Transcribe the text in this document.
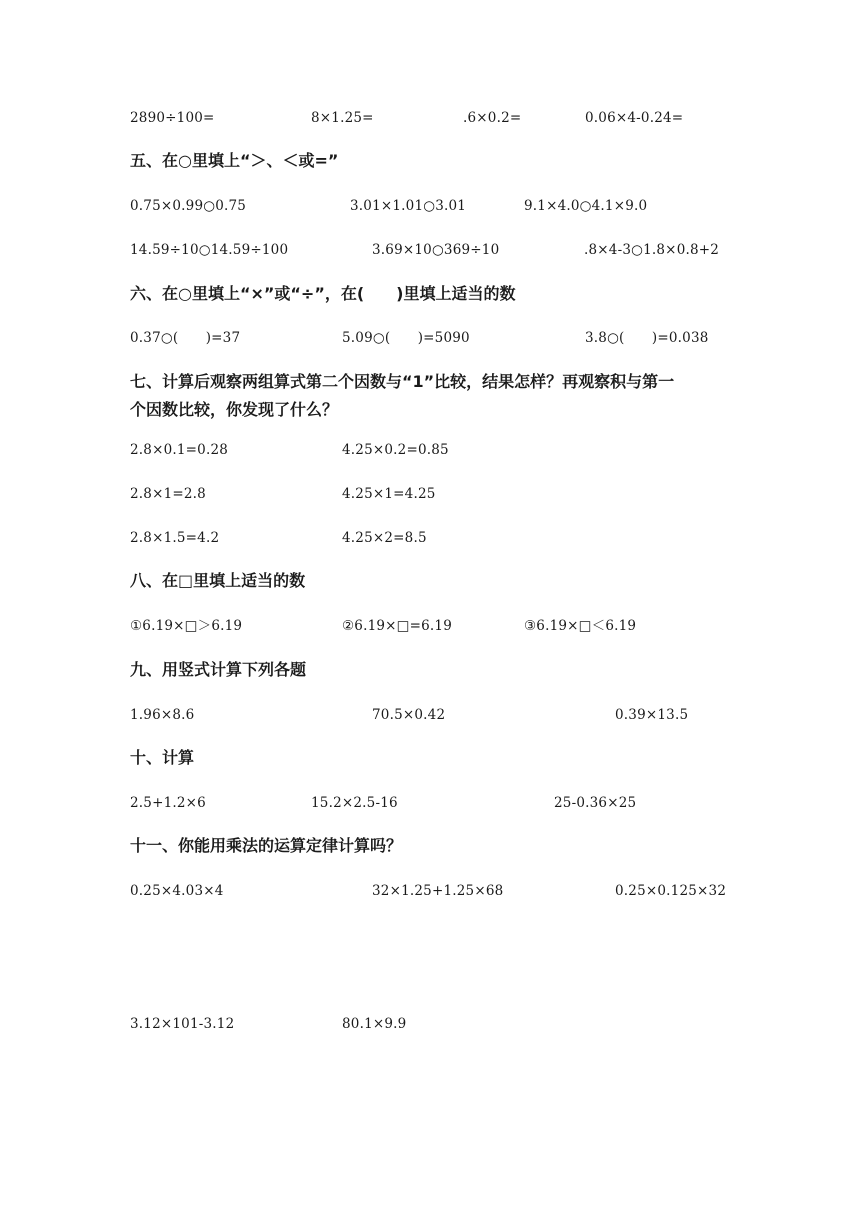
2890÷100=	8×1.25=	.6×0.2=	0.06×4-0.24=
五、在○里填上“＞、＜或=”
0.75×0.99○0.75	3.01×1.01○3.01	9.1×4.0○4.1×9.0
14.59÷10○14.59÷100	3.69×10○369÷10	.8×4-3○1.8×0.8+2
六、在○里填上“×”或“÷”，在(　　)里填上适当的数
0.37○(　　)=37	5.09○(　　)=5090	3.8○(　　)=0.038
七、计算后观察两组算式第二个因数与“1”比较，结果怎样？再观察积与第一
个因数比较，你发现了什么？
2.8×0.1=0.28	4.25×0.2=0.85
2.8×1=2.8	4.25×1=4.25
2.8×1.5=4.2	4.25×2=8.5
八、在□里填上适当的数
①6.19×□＞6.19	②6.19×□=6.19	③6.19×□＜6.19
九、用竖式计算下列各题
1.96×8.6	70.5×0.42	0.39×13.5
十、计算
2.5+1.2×6	15.2×2.5-16	25-0.36×25
十一、你能用乘法的运算定律计算吗？
0.25×4.03×4	32×1.25+1.25×68	0.25×0.125×32
3.12×101-3.12	80.1×9.9
